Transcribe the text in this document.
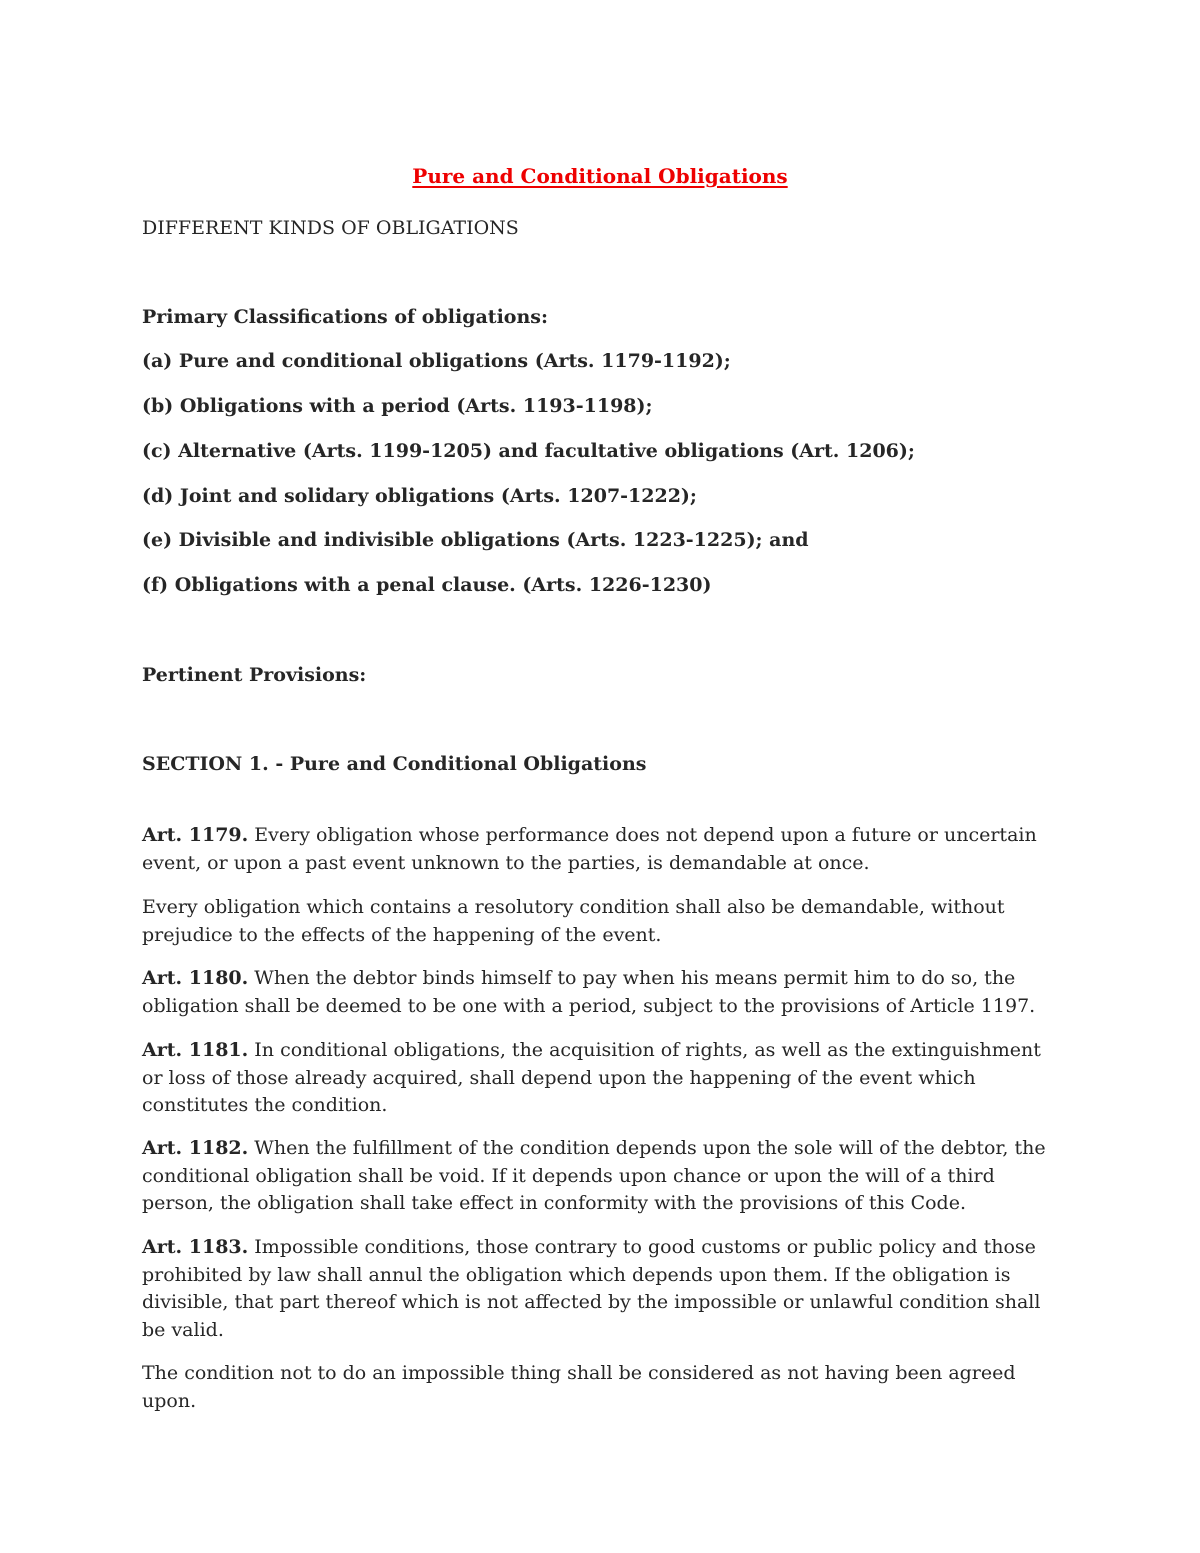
Pure and Conditional Obligations
DIFFERENT KINDS OF OBLIGATIONS
Primary Classifications of obligations:
(a) Pure and conditional obligations (Arts. 1179-1192);
(b) Obligations with a period (Arts. 1193-1198);
(c) Alternative (Arts. 1199-1205) and facultative obligations (Art. 1206);
(d) Joint and solidary obligations (Arts. 1207-1222);
(e) Divisible and indivisible obligations (Arts. 1223-1225); and
(f) Obligations with a penal clause. (Arts. 1226-1230)
Pertinent Provisions:
SECTION 1. - Pure and Conditional Obligations
Art. 1179. Every obligation whose performance does not depend upon a future or uncertain event, or upon a past event unknown to the parties, is demandable at once.
Every obligation which contains a resolutory condition shall also be demandable, without prejudice to the effects of the happening of the event.
Art. 1180. When the debtor binds himself to pay when his means permit him to do so, the obligation shall be deemed to be one with a period, subject to the provisions of Article 1197.
Art. 1181. In conditional obligations, the acquisition of rights, as well as the extinguishment or loss of those already acquired, shall depend upon the happening of the event which constitutes the condition.
Art. 1182. When the fulfillment of the condition depends upon the sole will of the debtor, the conditional obligation shall be void. If it depends upon chance or upon the will of a third person, the obligation shall take effect in conformity with the provisions of this Code.
Art. 1183. Impossible conditions, those contrary to good customs or public policy and those prohibited by law shall annul the obligation which depends upon them. If the obligation is divisible, that part thereof which is not affected by the impossible or unlawful condition shall be valid.
The condition not to do an impossible thing shall be considered as not having been agreed upon.
